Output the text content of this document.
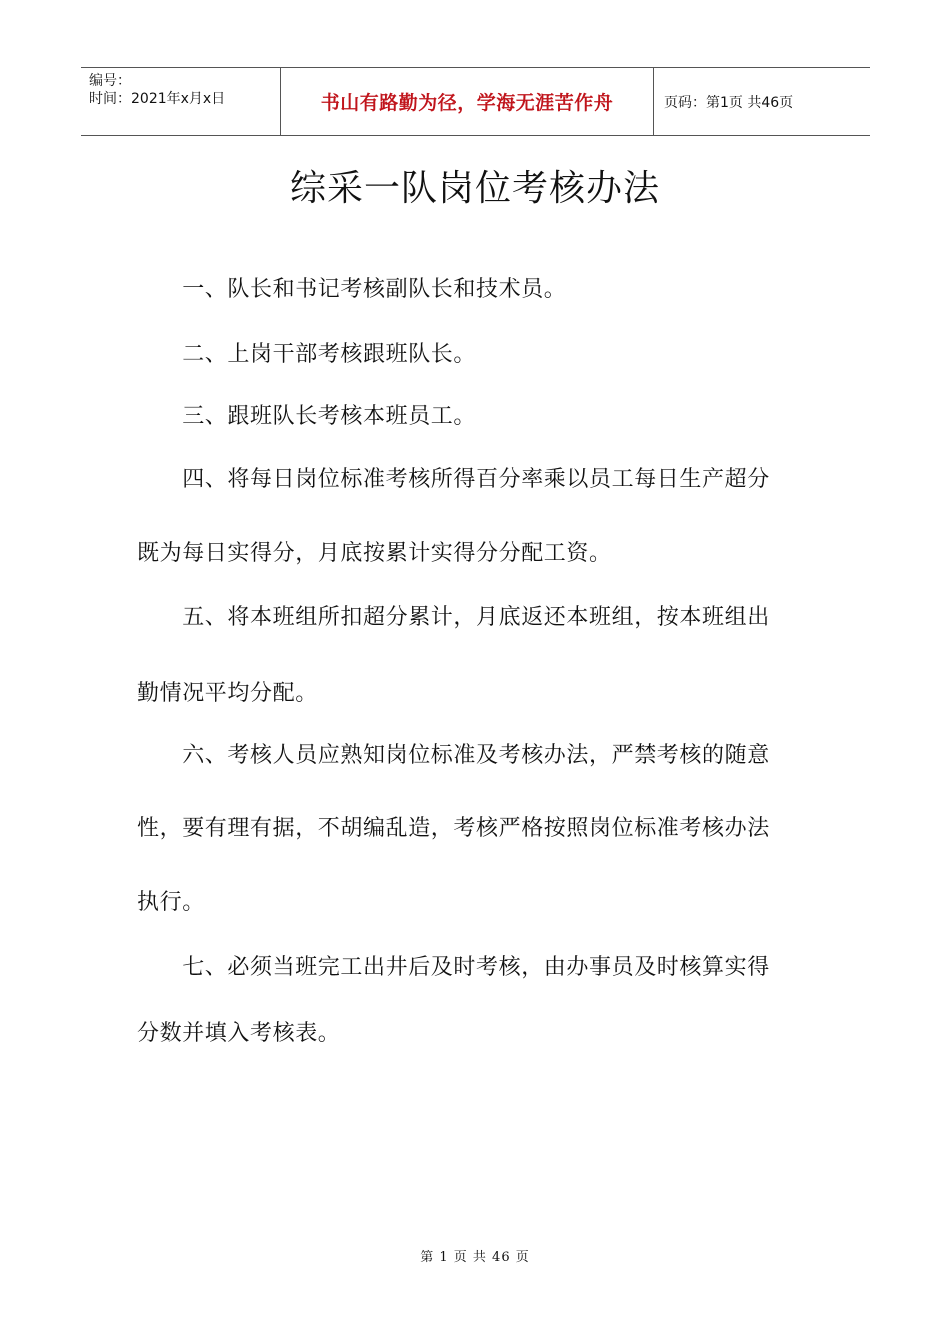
编号：
时间：2021年x月x日	书山有路勤为径，学海无涯苦作舟	页码：第1页 共46页
综采一队岗位考核办法

　　一、队长和书记考核副队长和技术员。

　　二、上岗干部考核跟班队长。

　　三、跟班队长考核本班员工。

　　四、将每日岗位标准考核所得百分率乘以员工每日生产超分

既为每日实得分，月底按累计实得分分配工资。

　　五、将本班组所扣超分累计，月底返还本班组，按本班组出

勤情况平均分配。

　　六、考核人员应熟知岗位标准及考核办法，严禁考核的随意

性，要有理有据，不胡编乱造，考核严格按照岗位标准考核办法

执行。

　　七、必须当班完工出井后及时考核，由办事员及时核算实得

分数并填入考核表。

第 1 页 共 46 页
